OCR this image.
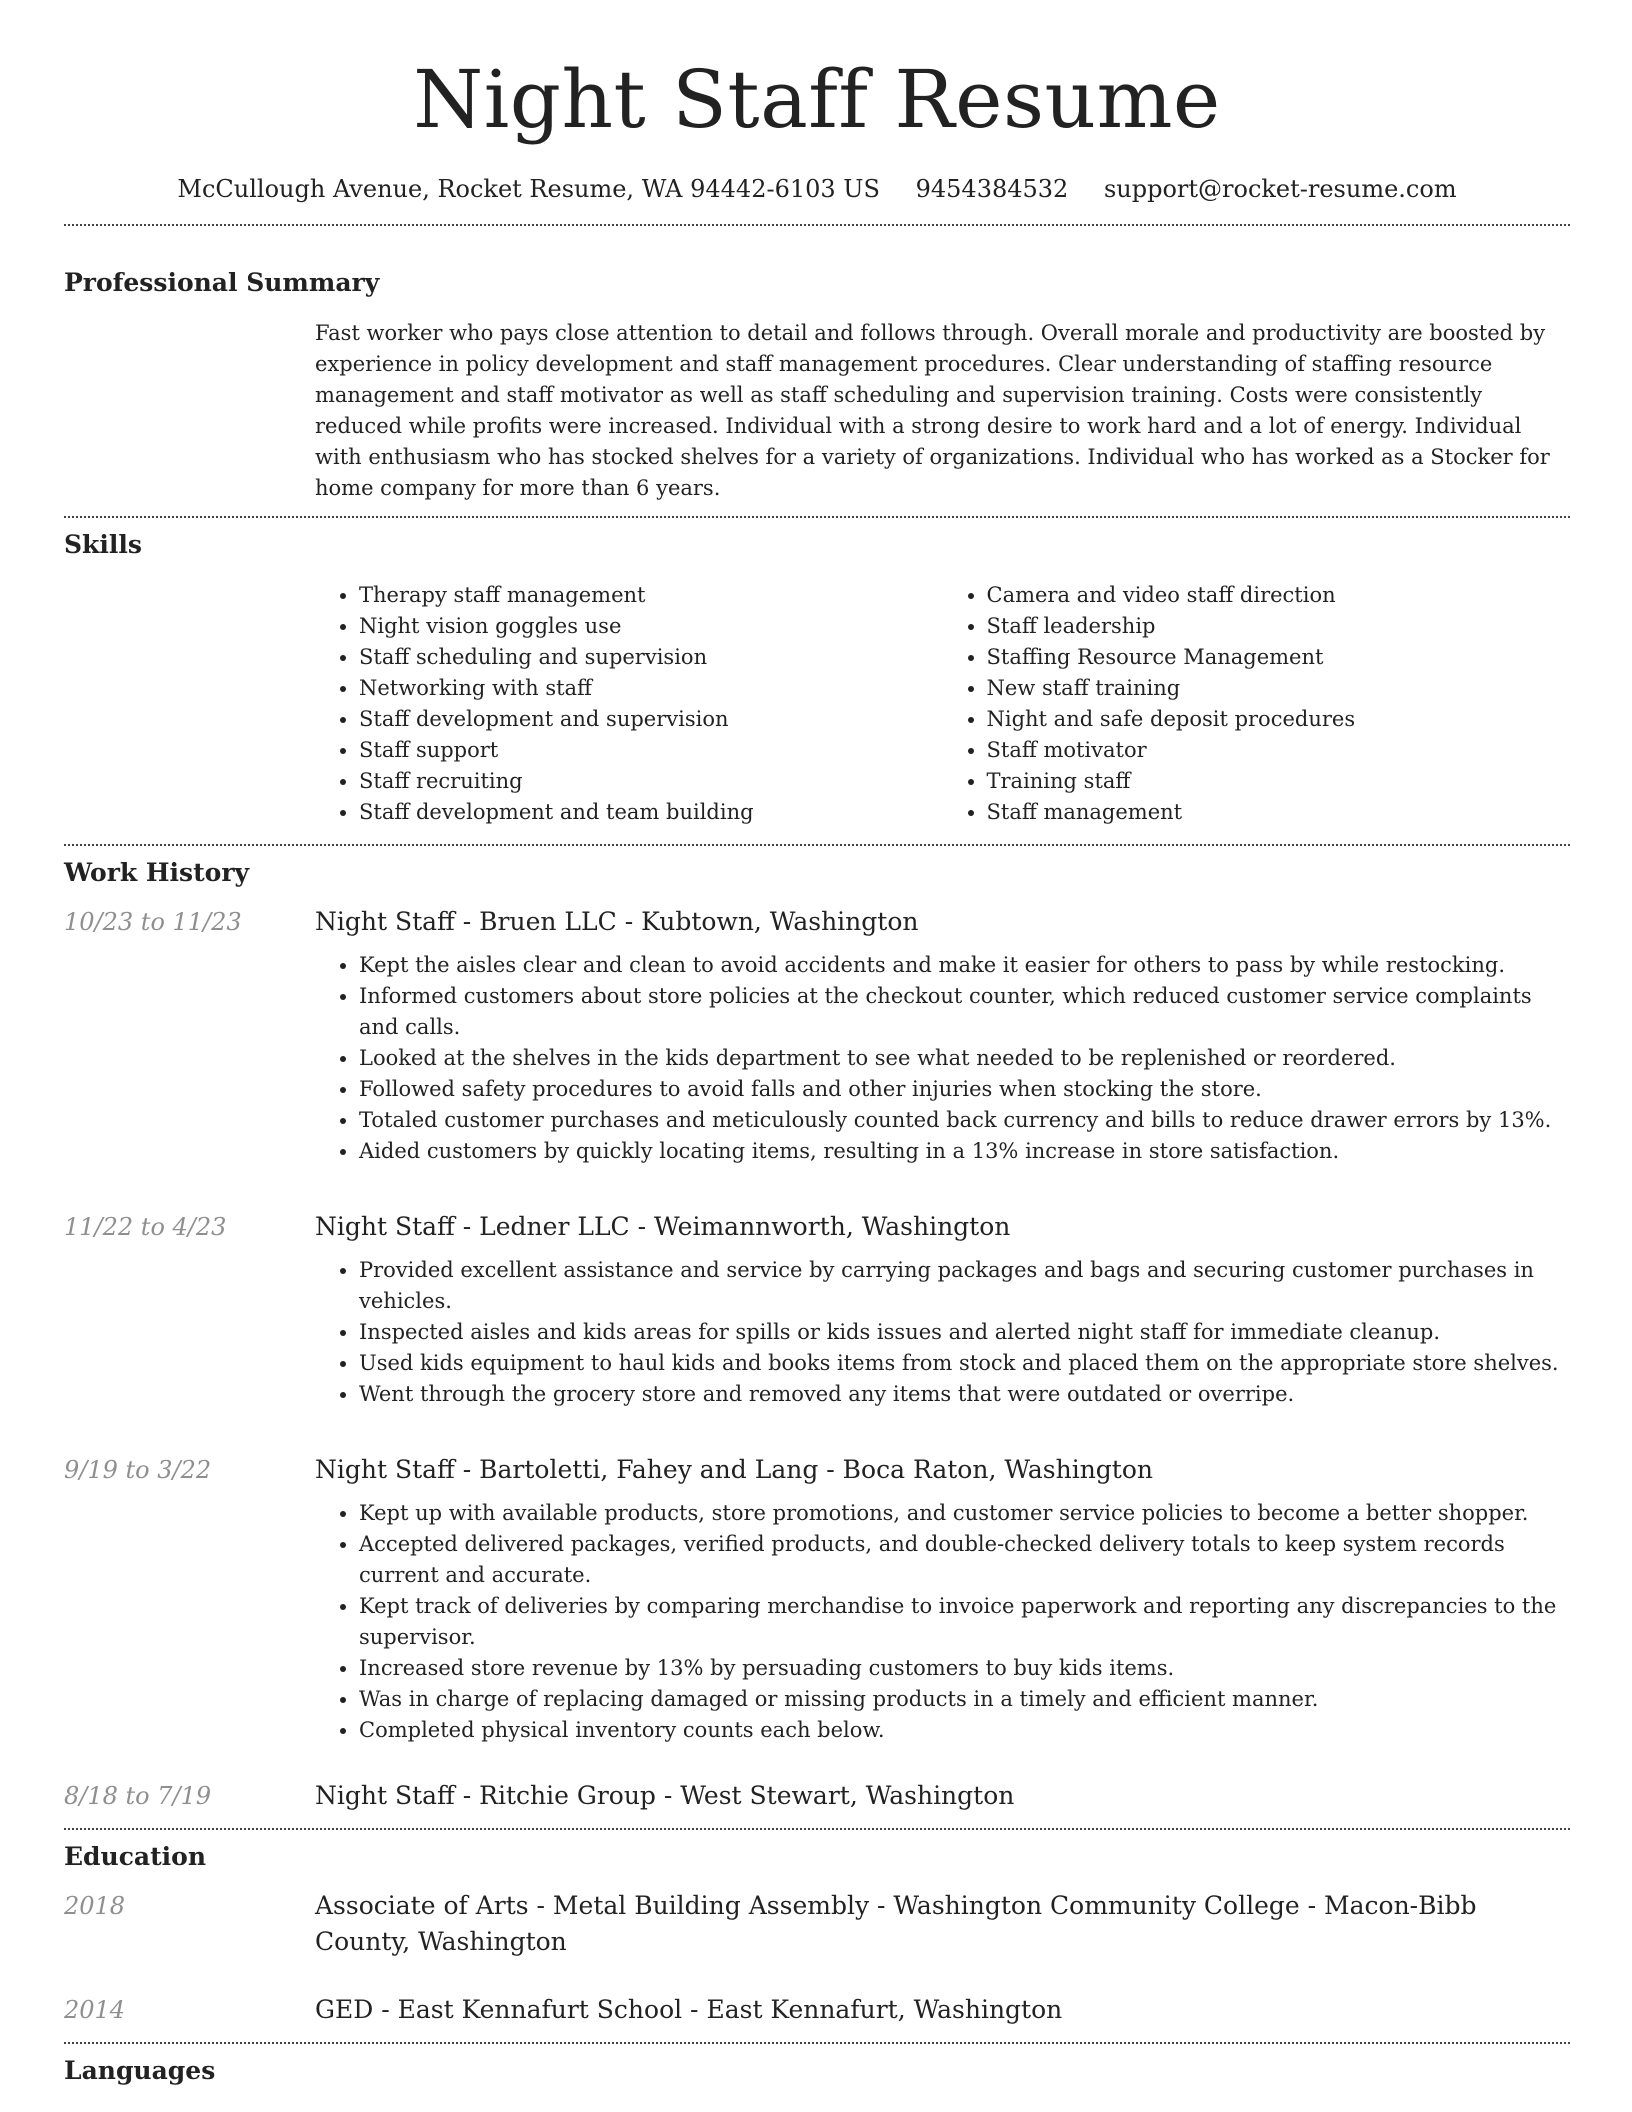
Night Staff Resume
McCullough Avenue, Rocket Resume, WA 94442-6103 US 9454384532 support@rocket-resume.com
Professional Summary

Fast worker who pays close attention to detail and follows through. Overall morale and productivity are boosted by experience in policy development and staff management procedures. Clear understanding of staffing resource management and staff motivator as well as staff scheduling and supervision training. Costs were consistently reduced while profits were increased. Individual with a strong desire to work hard and a lot of energy. Individual with enthusiasm who has stocked shelves for a variety of organizations. Individual who has worked as a Stocker for home company for more than 6 years.

Skills
• Therapy staff management
• Night vision goggles use
• Staff scheduling and supervision
• Networking with staff
• Staff development and supervision
• Staff support
• Staff recruiting
• Staff development and team building
• Camera and video staff direction
• Staff leadership
• Staffing Resource Management
• New staff training
• Night and safe deposit procedures
• Staff motivator
• Training staff
• Staff management
Work History
10/23 to 11/23	Night Staff - Bruen LLC - Kubtown, Washington
• Kept the aisles clear and clean to avoid accidents and make it easier for others to pass by while restocking.
• Informed customers about store policies at the checkout counter, which reduced customer service complaints and calls.
• Looked at the shelves in the kids department to see what needed to be replenished or reordered.
• Followed safety procedures to avoid falls and other injuries when stocking the store.
• Totaled customer purchases and meticulously counted back currency and bills to reduce drawer errors by 13%.
• Aided customers by quickly locating items, resulting in a 13% increase in store satisfaction.
11/22 to 4/23	Night Staff - Ledner LLC - Weimannworth, Washington
• Provided excellent assistance and service by carrying packages and bags and securing customer purchases in vehicles.
• Inspected aisles and kids areas for spills or kids issues and alerted night staff for immediate cleanup.
• Used kids equipment to haul kids and books items from stock and placed them on the appropriate store shelves.
• Went through the grocery store and removed any items that were outdated or overripe.
9/19 to 3/22	Night Staff - Bartoletti, Fahey and Lang - Boca Raton, Washington
• Kept up with available products, store promotions, and customer service policies to become a better shopper.
• Accepted delivered packages, verified products, and double-checked delivery totals to keep system records current and accurate.
• Kept track of deliveries by comparing merchandise to invoice paperwork and reporting any discrepancies to the supervisor.
• Increased store revenue by 13% by persuading customers to buy kids items.
• Was in charge of replacing damaged or missing products in a timely and efficient manner.
• Completed physical inventory counts each below.
8/18 to 7/19	Night Staff - Ritchie Group - West Stewart, Washington
Education
2018	Associate of Arts - Metal Building Assembly - Washington Community College - Macon-Bibb County, Washington
2014	GED - East Kennafurt School - East Kennafurt, Washington
Languages
